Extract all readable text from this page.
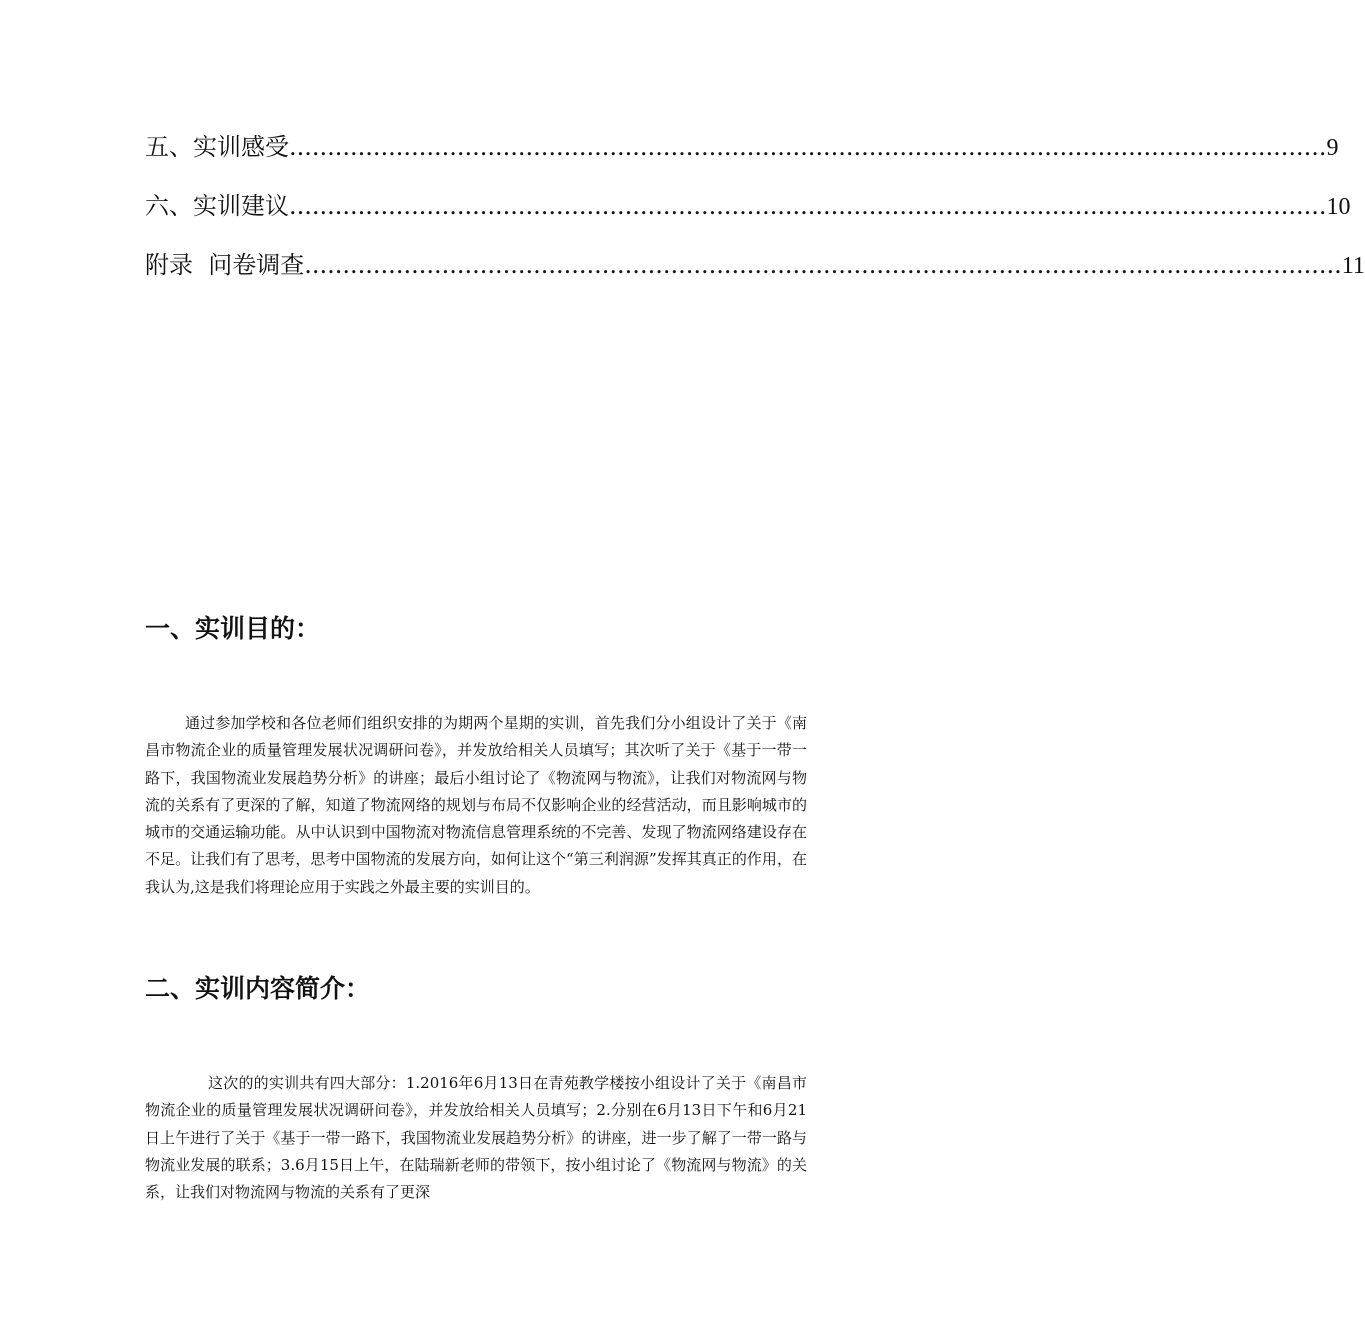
五、实训感受 ........................................................................................................................................ 9
六、实训建议 ........................................................................................................................................ 10
附录  问卷调查 ........................................................................................................................................ 11
一、实训目的：

通过参加学校和各位老师们组织安排的为期两个星期的实训，首先我们分小组设计了关于《南昌市物流企业的质量管理发展状况调研问卷》，并发放给相关人员填写；其次听了关于《基于一带一路下，我国物流业发展趋势分析》的讲座；最后小组讨论了《物流网与物流》，让我们对物流网与物流的关系有了更深的了解，知道了物流网络的规划与布局不仅影响企业的经营活动，而且影响城市的城市的交通运输功能。从中认识到中国物流对物流信息管理系统的不完善、发现了物流网络建设存在不足。让我们有了思考，思考中国物流的发展方向，如何让这个“第三利润源”发挥其真正的作用，在我认为,这是我们将理论应用于实践之外最主要的实训目的。

二、实训内容简介：

这次的的实训共有四大部分：1.2016年6月13日在青苑教学楼按小组设计了关于《南昌市物流企业的质量管理发展状况调研问卷》，并发放给相关人员填写；2.分别在6月13日下午和6月21日上午进行了关于《基于一带一路下，我国物流业发展趋势分析》的讲座，进一步了解了一带一路与物流业发展的联系；3.6月15日上午，在陆瑞新老师的带领下，按小组讨论了《物流网与物流》的关系，让我们对物流网与物流的关系有了更深
